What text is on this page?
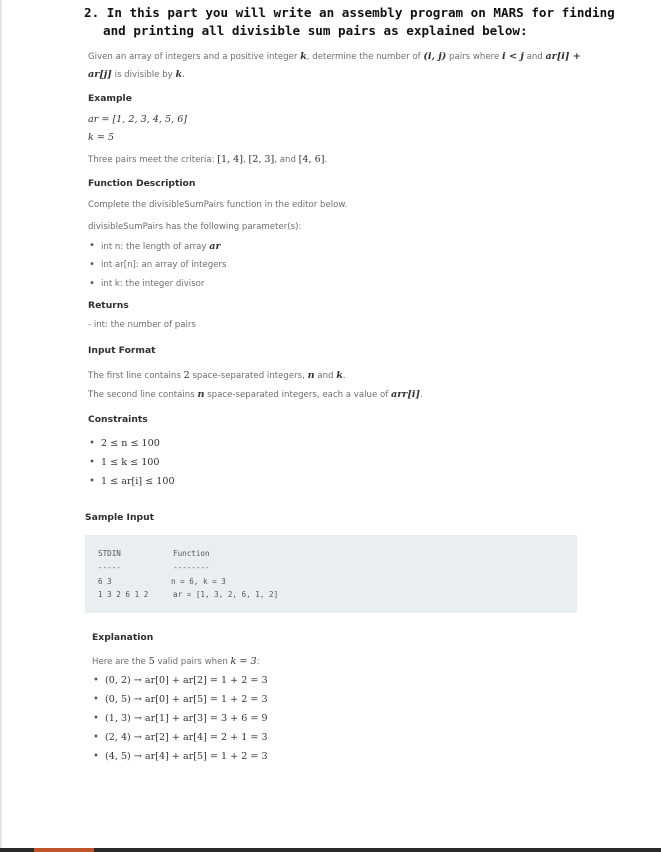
2. In this part you will write an assembly program on MARS for finding
and printing all divisible sum pairs as explained below:
Given an array of integers and a positive integer k, determine the number of (i, j) pairs where i < j and ar[i] +
ar[j] is divisible by k.
Example
ar = [1, 2, 3, 4, 5, 6]
k = 5
Three pairs meet the criteria: [1, 4], [2, 3], and [4, 6].
Function Description
Complete the divisibleSumPairs function in the editor below.
divisibleSumPairs has the following parameter(s):
• int n: the length of array ar
• int ar[n]: an array of integers
• int k: the integer divisor
Returns
- int: the number of pairs
Input Format
The first line contains 2 space-separated integers, n and k.
The second line contains n space-separated integers, each a value of arr[i].
Constraints
• 2 ≤ n ≤ 100
• 1 ≤ k ≤ 100
• 1 ≤ ar[i] ≤ 100
Sample Input
STDIN
-----
6 3
1 3 2 6 1 2
Function
--------
n = 6, k = 3
ar = [1, 3, 2, 6, 1, 2]
Explanation
Here are the 5 valid pairs when k = 3:
• (0, 2) → ar[0] + ar[2] = 1 + 2 = 3
• (0, 5) → ar[0] + ar[5] = 1 + 2 = 3
• (1, 3) → ar[1] + ar[3] = 3 + 6 = 9
• (2, 4) → ar[2] + ar[4] = 2 + 1 = 3
• (4, 5) → ar[4] + ar[5] = 1 + 2 = 3
